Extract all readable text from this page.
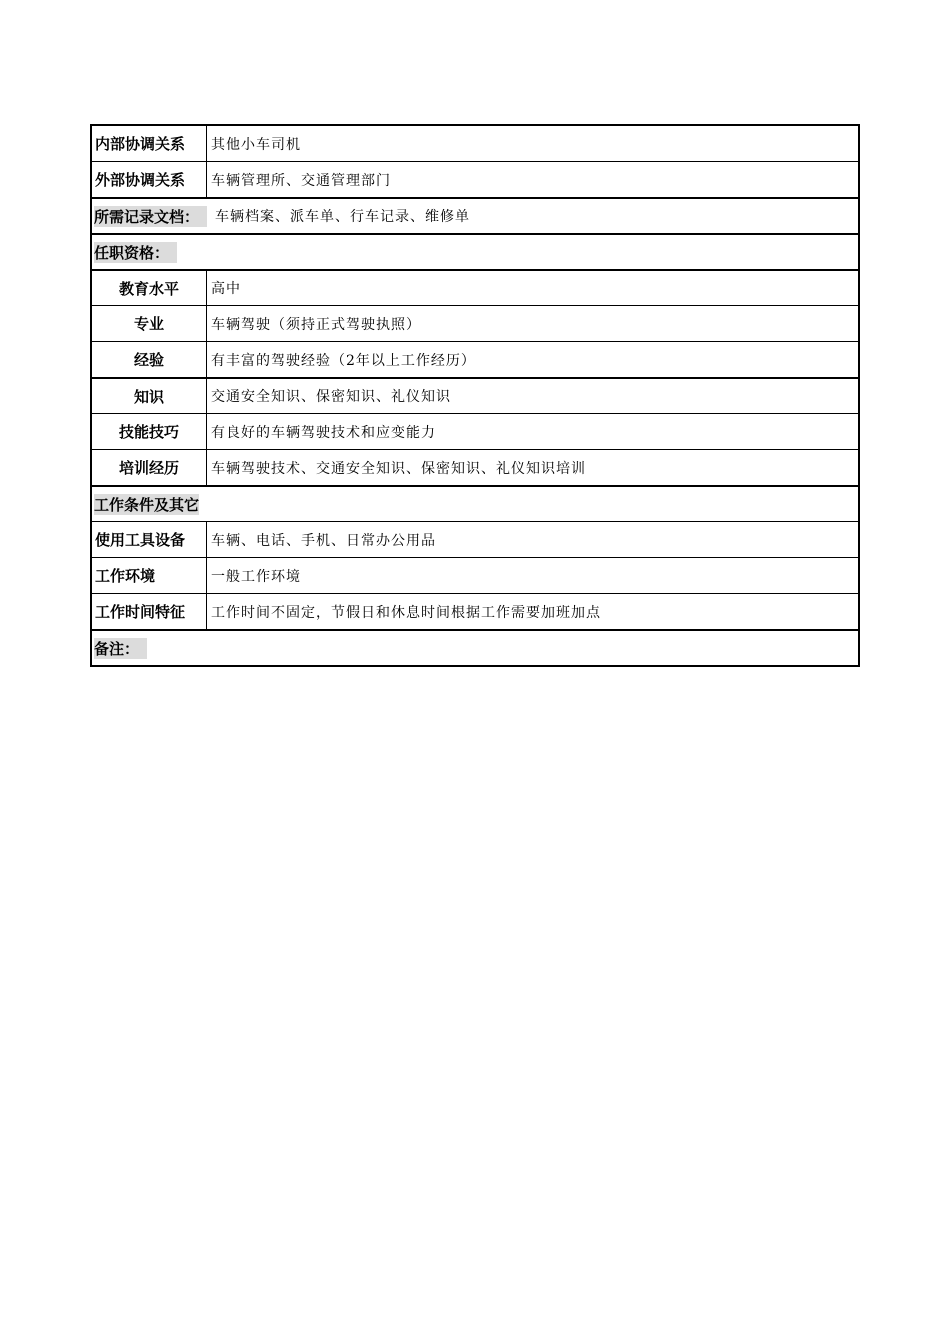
内部协调关系	其他小车司机
外部协调关系	车辆管理所、交通管理部门
所需记录文档：	车辆档案、派车单、行车记录、维修单
任职资格：
教育水平	高中
专业	车辆驾驶（须持正式驾驶执照）
经验	有丰富的驾驶经验（2年以上工作经历）
知识	交通安全知识、保密知识、礼仪知识
技能技巧	有良好的车辆驾驶技术和应变能力
培训经历	车辆驾驶技术、交通安全知识、保密知识、礼仪知识培训
工作条件及其它
使用工具设备	车辆、电话、手机、日常办公用品
工作环境	一般工作环境
工作时间特征	工作时间不固定，节假日和休息时间根据工作需要加班加点
备注：
